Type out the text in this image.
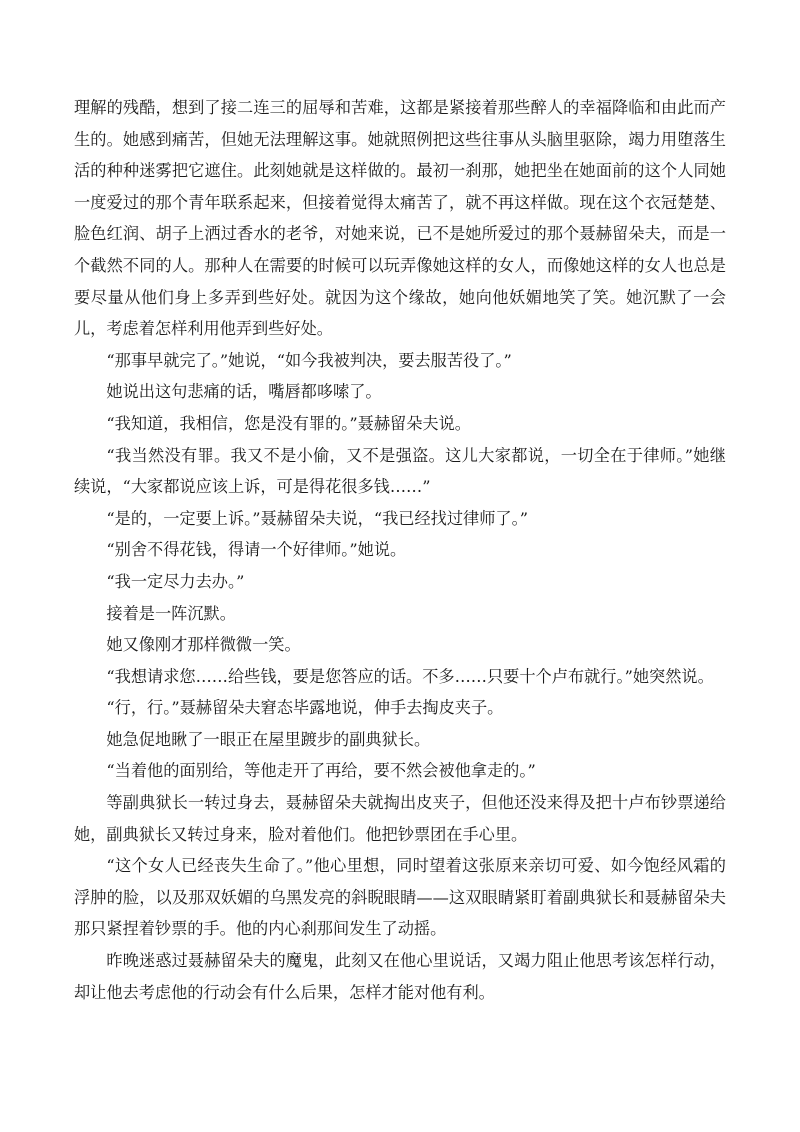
理解的残酷，想到了接二连三的屈辱和苦难，这都是紧接着那些醉人的幸福降临和由此而产生的。她感到痛苦，但她无法理解这事。她就照例把这些往事从头脑里驱除，竭力用堕落生活的种种迷雾把它遮住。此刻她就是这样做的。最初一刹那，她把坐在她面前的这个人同她一度爱过的那个青年联系起来，但接着觉得太痛苦了，就不再这样做。现在这个衣冠楚楚、脸色红润、胡子上洒过香水的老爷，对她来说，已不是她所爱过的那个聂赫留朵夫，而是一个截然不同的人。那种人在需要的时候可以玩弄像她这样的女人，而像她这样的女人也总是要尽量从他们身上多弄到些好处。就因为这个缘故，她向他妖媚地笑了笑。她沉默了一会儿，考虑着怎样利用他弄到些好处。

“那事早就完了。”她说，“如今我被判决，要去服苦役了。”

她说出这句悲痛的话，嘴唇都哆嗦了。

“我知道，我相信，您是没有罪的。”聂赫留朵夫说。

“我当然没有罪。我又不是小偷，又不是强盗。这儿大家都说，一切全在于律师。”她继续说，“大家都说应该上诉，可是得花很多钱……”

“是的，一定要上诉。”聂赫留朵夫说，“我已经找过律师了。”

“别舍不得花钱，得请一个好律师。”她说。

“我一定尽力去办。”

接着是一阵沉默。

她又像刚才那样微微一笑。

“我想请求您……给些钱，要是您答应的话。不多……只要十个卢布就行。”她突然说。

“行，行。”聂赫留朵夫窘态毕露地说，伸手去掏皮夹子。

她急促地瞅了一眼正在屋里踱步的副典狱长。

“当着他的面别给，等他走开了再给，要不然会被他拿走的。”

等副典狱长一转过身去，聂赫留朵夫就掏出皮夹子，但他还没来得及把十卢布钞票递给她，副典狱长又转过身来，脸对着他们。他把钞票团在手心里。

“这个女人已经丧失生命了。”他心里想，同时望着这张原来亲切可爱、如今饱经风霜的浮肿的脸，以及那双妖媚的乌黑发亮的斜睨眼睛——这双眼睛紧盯着副典狱长和聂赫留朵夫那只紧捏着钞票的手。他的内心刹那间发生了动摇。

昨晚迷惑过聂赫留朵夫的魔鬼，此刻又在他心里说话，又竭力阻止他思考该怎样行动，却让他去考虑他的行动会有什么后果，怎样才能对他有利。
